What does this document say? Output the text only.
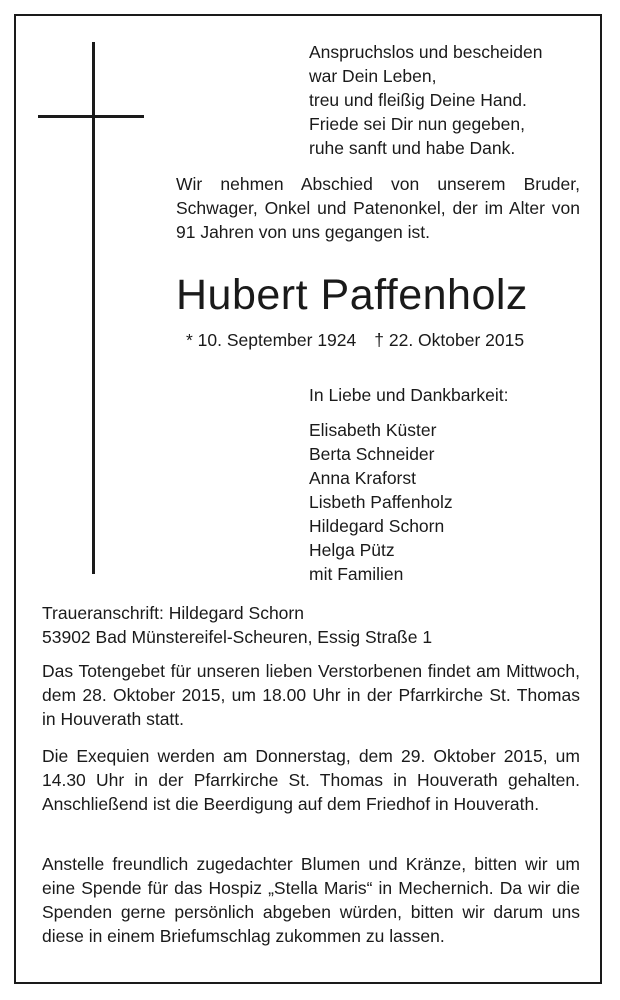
Anspruchslos und bescheiden
war Dein Leben,
treu und fleißig Deine Hand.
Friede sei Dir nun gegeben,
ruhe sanft und habe Dank.
Wir nehmen Abschied von unserem Bruder, Schwager, Onkel und Patenonkel, der im Alter von 91 Jahren von uns gegangen ist.
Hubert Paffenholz
* 10. September 1924 † 22. Oktober 2015
In Liebe und Dankbarkeit:
Elisabeth Küster
Berta Schneider
Anna Kraforst
Lisbeth Paffenholz
Hildegard Schorn
Helga Pütz
mit Familien
Traueranschrift: Hildegard Schorn
53902 Bad Münstereifel-Scheuren, Essig Straße 1
Das Totengebet für unseren lieben Verstorbenen findet am Mittwoch, dem 28. Oktober 2015, um 18.00 Uhr in der Pfarrkirche St. Thomas in Houverath statt.
Die Exequien werden am Donnerstag, dem 29. Oktober 2015, um 14.30 Uhr in der Pfarrkirche St. Thomas in Houverath gehalten. Anschließend ist die Beerdigung auf dem Friedhof in Houverath.
Anstelle freundlich zugedachter Blumen und Kränze, bitten wir um eine Spende für das Hospiz „Stella Maris“ in Mechernich. Da wir die Spenden gerne persönlich abgeben würden, bitten wir darum uns diese in einem Briefumschlag zukommen zu lassen.
